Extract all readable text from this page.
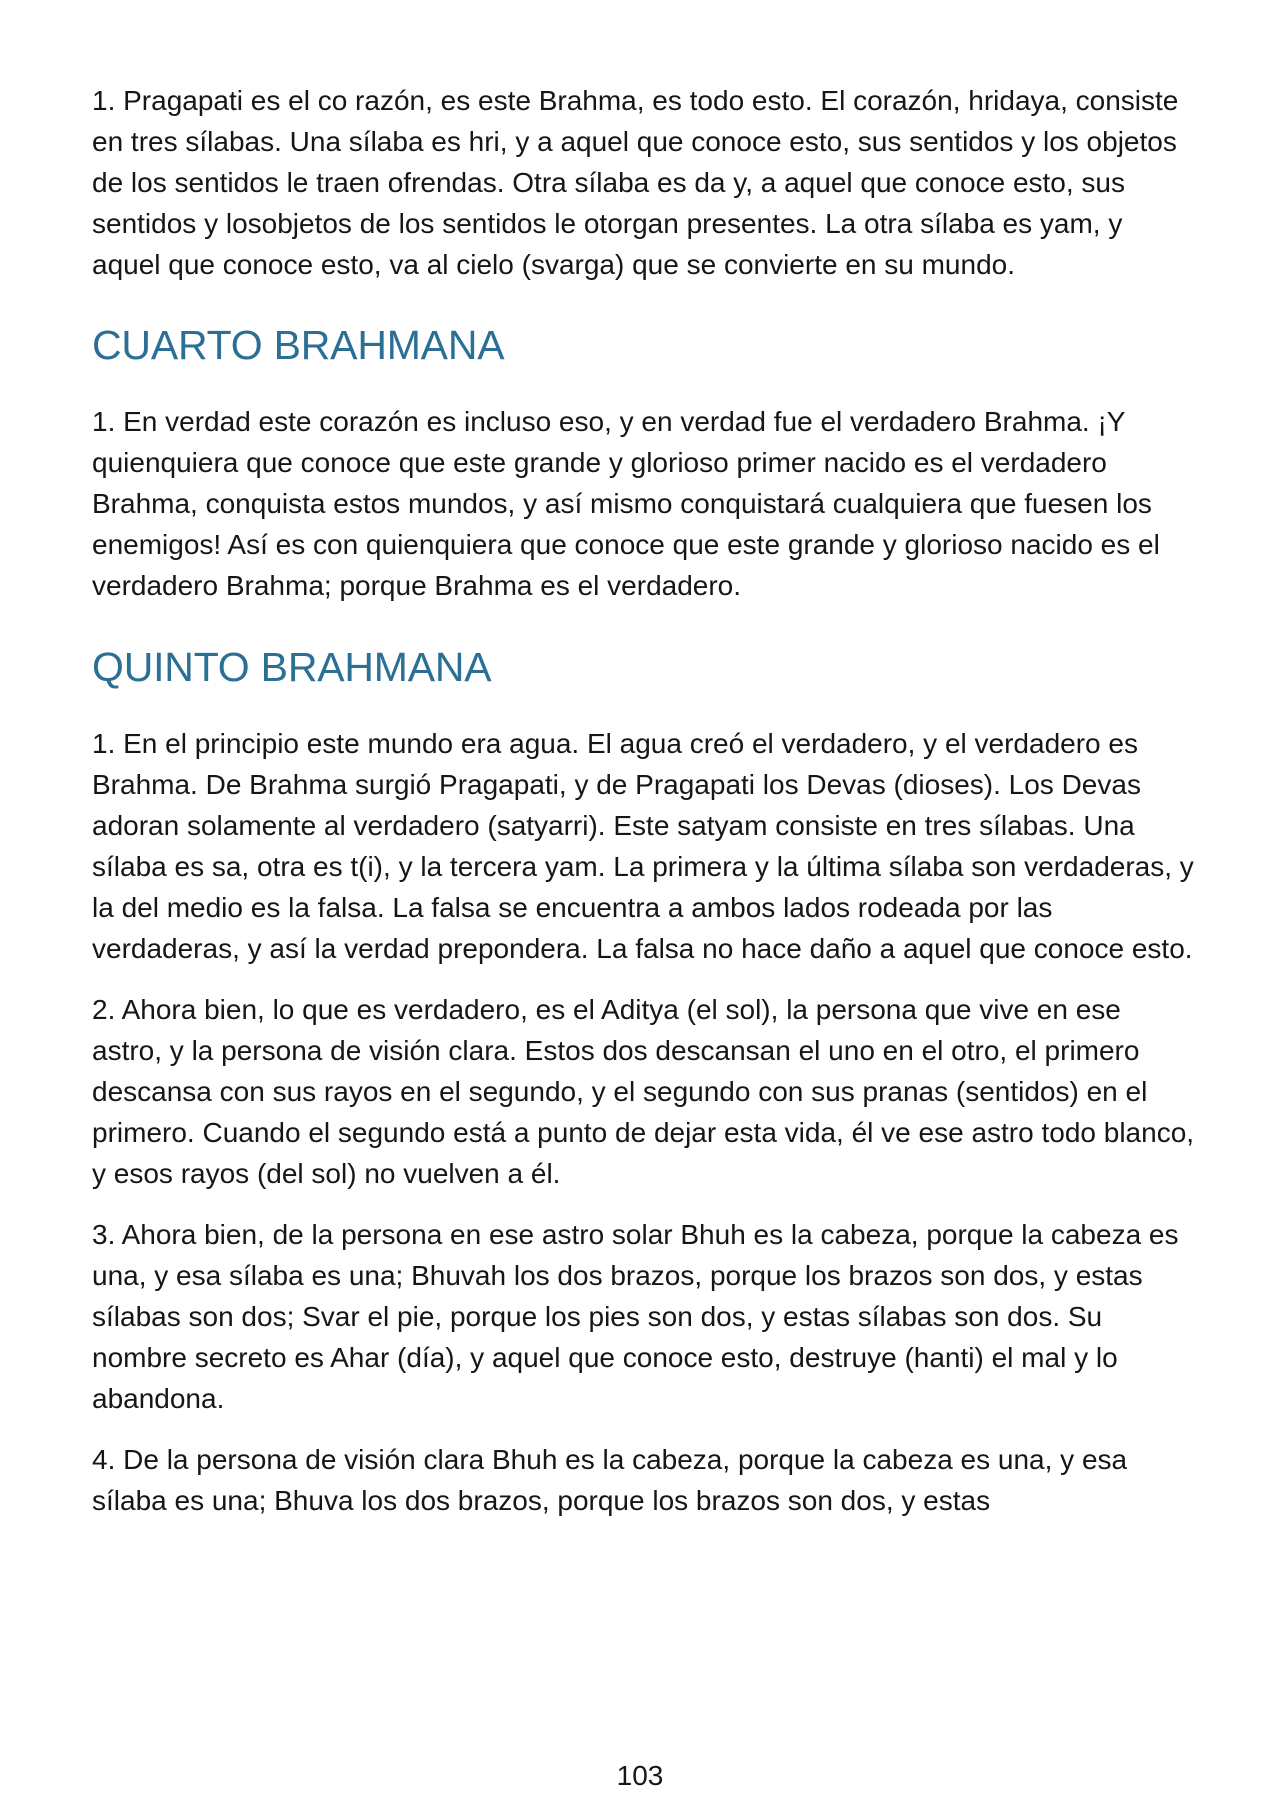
1. Pragapati es el co razón, es este Brahma, es todo esto. El corazón, hridaya, consiste en tres sílabas. Una sílaba es hri, y a aquel que conoce esto, sus sentidos y los objetos de los sentidos le traen ofrendas. Otra sílaba es da y, a aquel que conoce esto, sus sentidos y losobjetos de los sentidos le otorgan presentes. La otra sílaba es yam, y aquel que conoce esto, va al cielo (svarga) que se convierte en su mundo.

CUARTO BRAHMANA

1. En verdad este corazón es incluso eso, y en verdad fue el verdadero Brahma. ¡Y quienquiera que conoce que este grande y glorioso primer nacido es el verdadero Brahma, conquista estos mundos, y así mismo conquistará cualquiera que fuesen los enemigos! Así es con quienquiera que conoce que este grande y glorioso nacido es el verdadero Brahma; porque Brahma es el verdadero.

QUINTO BRAHMANA

1. En el principio este mundo era agua. El agua creó el verdadero, y el verdadero es Brahma. De Brahma surgió Pragapati, y de Pragapati los Devas (dioses). Los Devas adoran solamente al verdadero (satyarri). Este satyam consiste en tres sílabas. Una sílaba es sa, otra es t(i), y la tercera yam. La primera y la última sílaba son verdaderas, y la del medio es la falsa. La falsa se encuentra a ambos lados rodeada por las verdaderas, y así la verdad prepondera. La falsa no hace daño a aquel que conoce esto.

2. Ahora bien, lo que es verdadero, es el Aditya (el sol), la persona que vive en ese astro, y la persona de visión clara. Estos dos descansan el uno en el otro, el primero descansa con sus rayos en el segundo, y el segundo con sus pranas (sentidos) en el primero. Cuando el segundo está a punto de dejar esta vida, él ve ese astro todo blanco, y esos rayos (del sol) no vuelven a él.

3. Ahora bien, de la persona en ese astro solar Bhuh es la cabeza, porque la cabeza es una, y esa sílaba es una; Bhuvah los dos brazos, porque los brazos son dos, y estas sílabas son dos; Svar el pie, porque los pies son dos, y estas sílabas son dos. Su nombre secreto es Ahar (día), y aquel que conoce esto, destruye (hanti) el mal y lo abandona.

4. De la persona de visión clara Bhuh es la cabeza, porque la cabeza es una, y esa sílaba es una; Bhuva los dos brazos, porque los brazos son dos, y estas

103
